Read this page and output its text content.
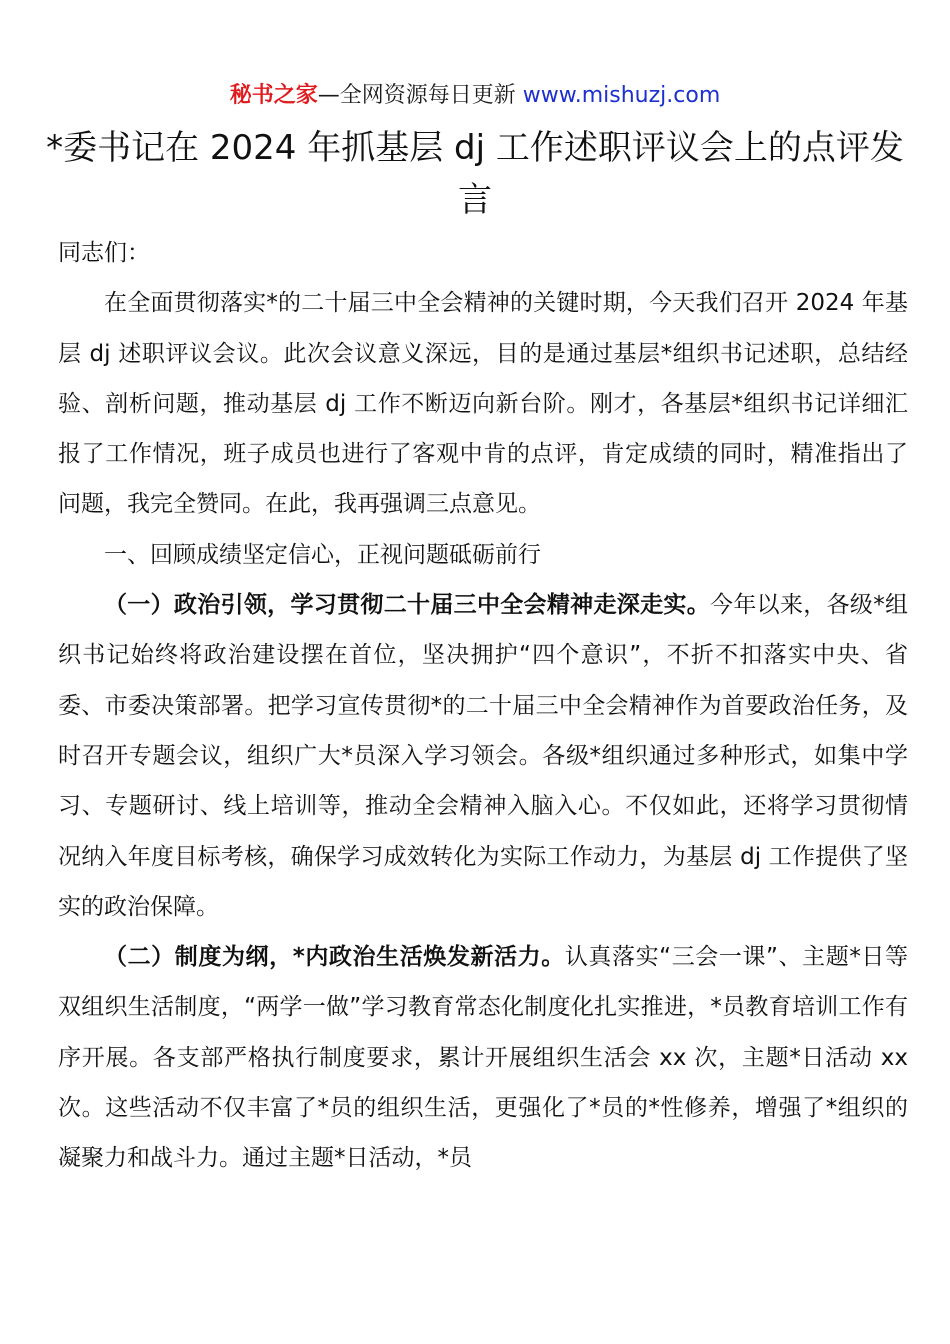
秘书之家—全网资源每日更新 www.mishuzj.com
*委书记在 2024 年抓基层 dj 工作述职评议会上的点评发言

同志们：

在全面贯彻落实*的二十届三中全会精神的关键时期，今天我们召开 2024 年基层 dj 述职评议会议。此次会议意义深远，目的是通过基层*组织书记述职，总结经验、剖析问题，推动基层 dj 工作不断迈向新台阶。刚才，各基层*组织书记详细汇报了工作情况，班子成员也进行了客观中肯的点评，肯定成绩的同时，精准指出了问题，我完全赞同。在此，我再强调三点意见。

一、回顾成绩坚定信心，正视问题砥砺前行

（一）政治引领，学习贯彻二十届三中全会精神走深走实。今年以来，各级*组织书记始终将政治建设摆在首位，坚决拥护“四个意识”，不折不扣落实中央、省委、市委决策部署。把学习宣传贯彻*的二十届三中全会精神作为首要政治任务，及时召开专题会议，组织广大*员深入学习领会。各级*组织通过多种形式，如集中学习、专题研讨、线上培训等，推动全会精神入脑入心。不仅如此，还将学习贯彻情况纳入年度目标考核，确保学习成效转化为实际工作动力，为基层 dj 工作提供了坚实的政治保障。

（二）制度为纲，*内政治生活焕发新活力。认真落实“三会一课”、主题*日等双组织生活制度，“两学一做”学习教育常态化制度化扎实推进，*员教育培训工作有序开展。各支部严格执行制度要求，累计开展组织生活会 xx 次，主题*日活动 xx 次。这些活动不仅丰富了*员的组织生活，更强化了*员的*性修养，增强了*组织的凝聚力和战斗力。通过主题*日活动，*员
